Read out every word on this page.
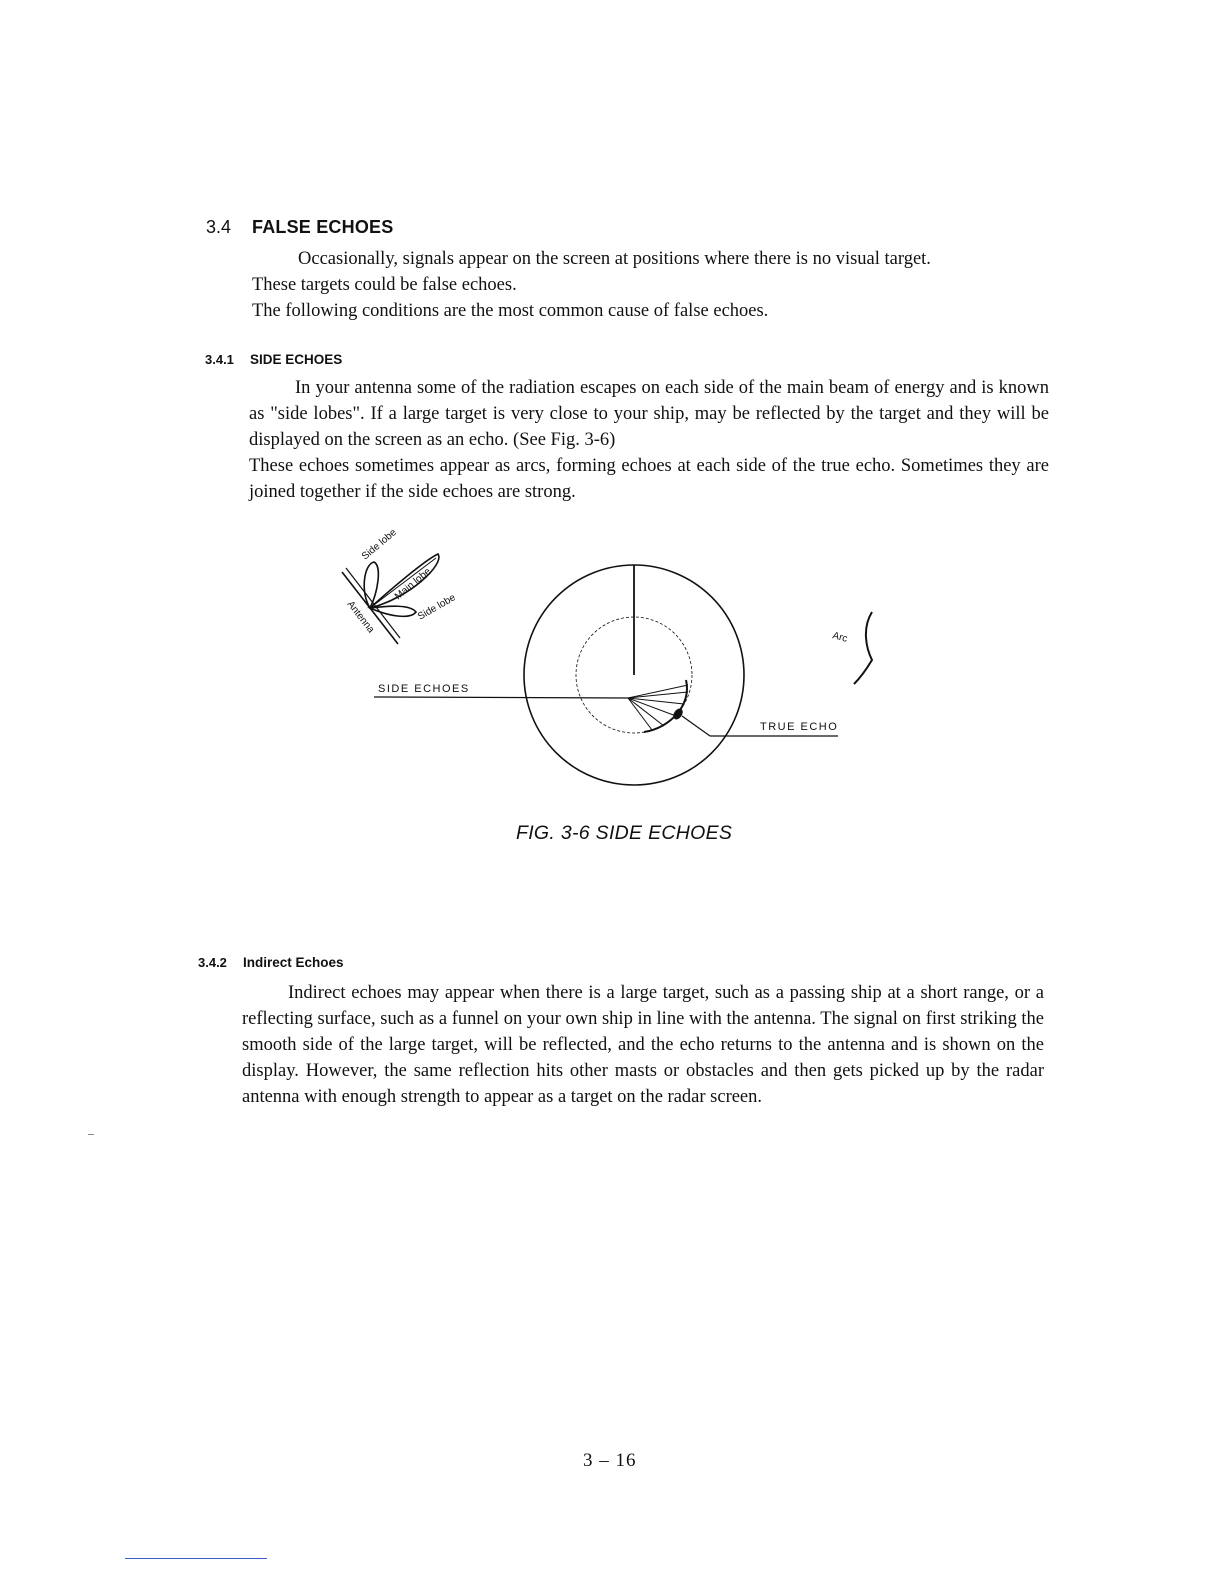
3.4 FALSE ECHOES

Occasionally, signals appear on the screen at positions where there is no visual target.

These targets could be false echoes.

The following conditions are the most common cause of false echoes.

3.4.1 SIDE ECHOES

In your antenna some of the radiation escapes on each side of the main beam of energy and is known as "side lobes". If a large target is very close to your ship, may be reflected by the target and they will be displayed on the screen as an echo. (See Fig. 3-6)

These echoes sometimes appear as arcs, forming echoes at each side of the true echo. Sometimes they are joined together if the side echoes are strong.

Side lobe
Main lobe
Side lobe
Antenna
SIDE ECHOES
TRUE ECHO
Arc
FIG. 3-6 SIDE ECHOES
3.4.2 Indirect Echoes

Indirect echoes may appear when there is a large target, such as a passing ship at a short range, or a reflecting surface, such as a funnel on your own ship in line with the antenna. The signal on first striking the smooth side of the large target, will be reflected, and the echo returns to the antenna and is shown on the display. However, the same reflection hits other masts or obstacles and then gets picked up by the radar antenna with enough strength to appear as a target on the radar screen.

3 – 16
